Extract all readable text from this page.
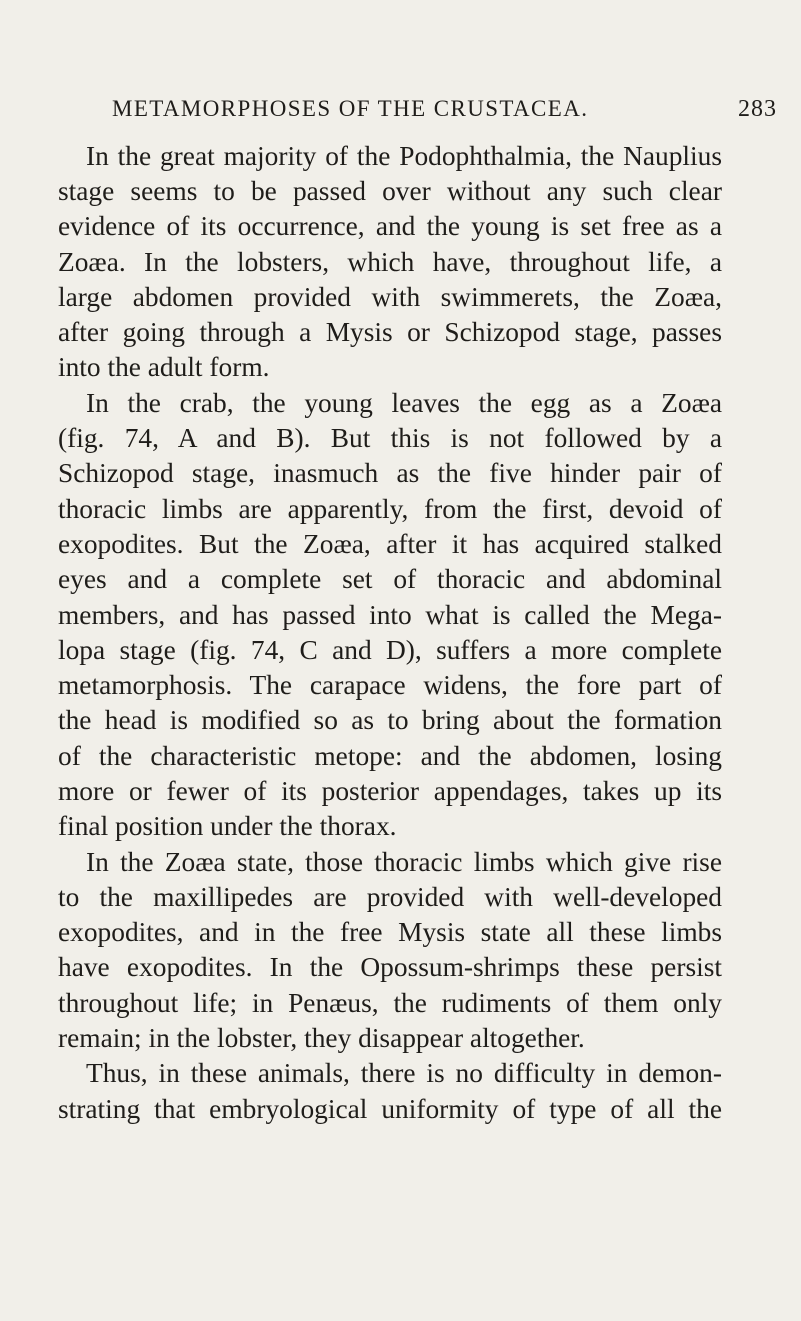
METAMORPHOSES OF THE CRUSTACEA.	283
In the great majority of the Podophthalmia, the Nauplius
stage seems to be passed over without any such clear
evidence of its occurrence, and the young is set free as a
Zoæa. In the lobsters, which have, throughout life, a
large abdomen provided with swimmerets, the Zoæa,
after going through a Mysis or Schizopod stage, passes
into the adult form.
In the crab, the young leaves the egg as a Zoæa
(fig. 74, A and B). But this is not followed by a
Schizopod stage, inasmuch as the five hinder pair of
thoracic limbs are apparently, from the first, devoid of
exopodites. But the Zoæa, after it has acquired stalked
eyes and a complete set of thoracic and abdominal
members, and has passed into what is called the Mega-
lopa stage (fig. 74, C and D), suffers a more complete
metamorphosis. The carapace widens, the fore part of
the head is modified so as to bring about the formation
of the characteristic metope: and the abdomen, losing
more or fewer of its posterior appendages, takes up its
final position under the thorax.
In the Zoæa state, those thoracic limbs which give rise
to the maxillipedes are provided with well-developed
exopodites, and in the free Mysis state all these limbs
have exopodites. In the Opossum-shrimps these persist
throughout life; in Penæus, the rudiments of them only
remain; in the lobster, they disappear altogether.
Thus, in these animals, there is no difficulty in demon-
strating that embryological uniformity of type of all the
